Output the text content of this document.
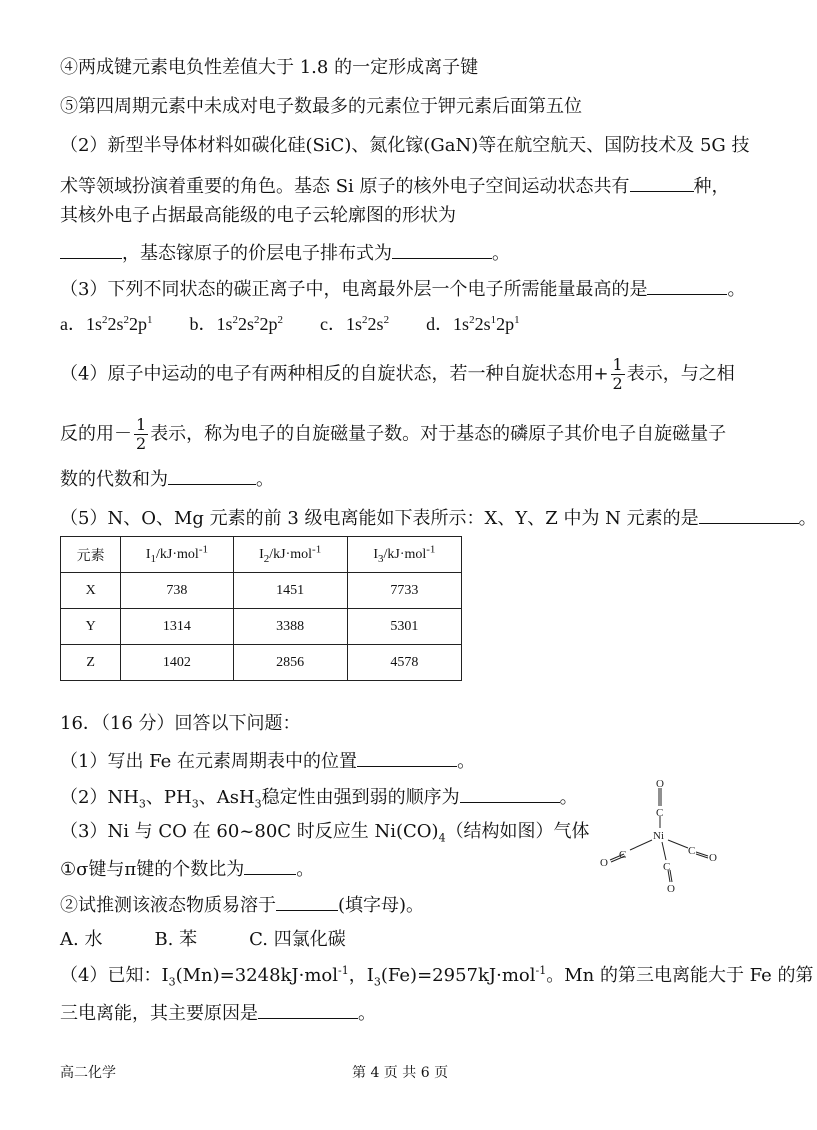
④两成键元素电负性差值大于 1.8 的一定形成离子键
⑤第四周期元素中未成对电子数最多的元素位于钾元素后面第五位
（2）新型半导体材料如碳化硅(SiC)、氮化镓(GaN)等在航空航天、国防技术及 5G 技
术等领域扮演着重要的角色。基态 Si 原子的核外电子空间运动状态共有	种，
其核外电子占据最高能级的电子云轮廓图的形状为
，基态镓原子的价层电子排布式为	。
（3）下列不同状态的碳正离子中，电离最外层一个电子所需能量最高的是	。
a．$1s^22s^22p^1$ b．$1s^22s^22p^2$ c．$1s^22s^2$ d．$1s^22s^12p^1$
（4）原子中运动的电子有两种相反的自旋状态，若一种自旋状态用+ $\frac{1}{2}$ 表示，与之相
反的用－ $\frac{1}{2}$ 表示，称为电子的自旋磁量子数。对于基态的磷原子其价电子自旋磁量子
数的代数和为	。
（5）N、O、Mg 元素的前 3 级电离能如下表所示：X、Y、Z 中为 N 元素的是	。
元素	$I_1/kJ\cdot mol^{-1}$	$I_2/kJ\cdot mol^{-1}$	$I_3/kJ\cdot mol^{-1}$
X	738	1451	7733
Y	1314	3388	5301
Z	1402	2856	4578
16．（16 分）回答以下问题：
（1）写出 Fe 在元素周期表中的位置	。
$(2)NH_3$、$PH_3$、AsH$_3$稳定性由强到弱的顺序为	。
（3）Ni 与 CO 在 60~80C 时反应生 $Ni(CO)_4$（结构如图）气体
①σ键与π键的个数比为	。
②试推测该液态物质易溶于	(填字母)。
A. 水	B. 苯	C. 四氯化碳
（4）已知：$I_3(Mn)=3248kJ\cdot mol^{-1}$，$I_3(Fe)=2957kJ\cdot mol^{-1}$。Mn 的第三电离能大于 Fe 的第
三电离能，其主要原因是	。
O
C
Ni
O
C	C
O
C
O
高二化学	第 4 页 共 6 页
